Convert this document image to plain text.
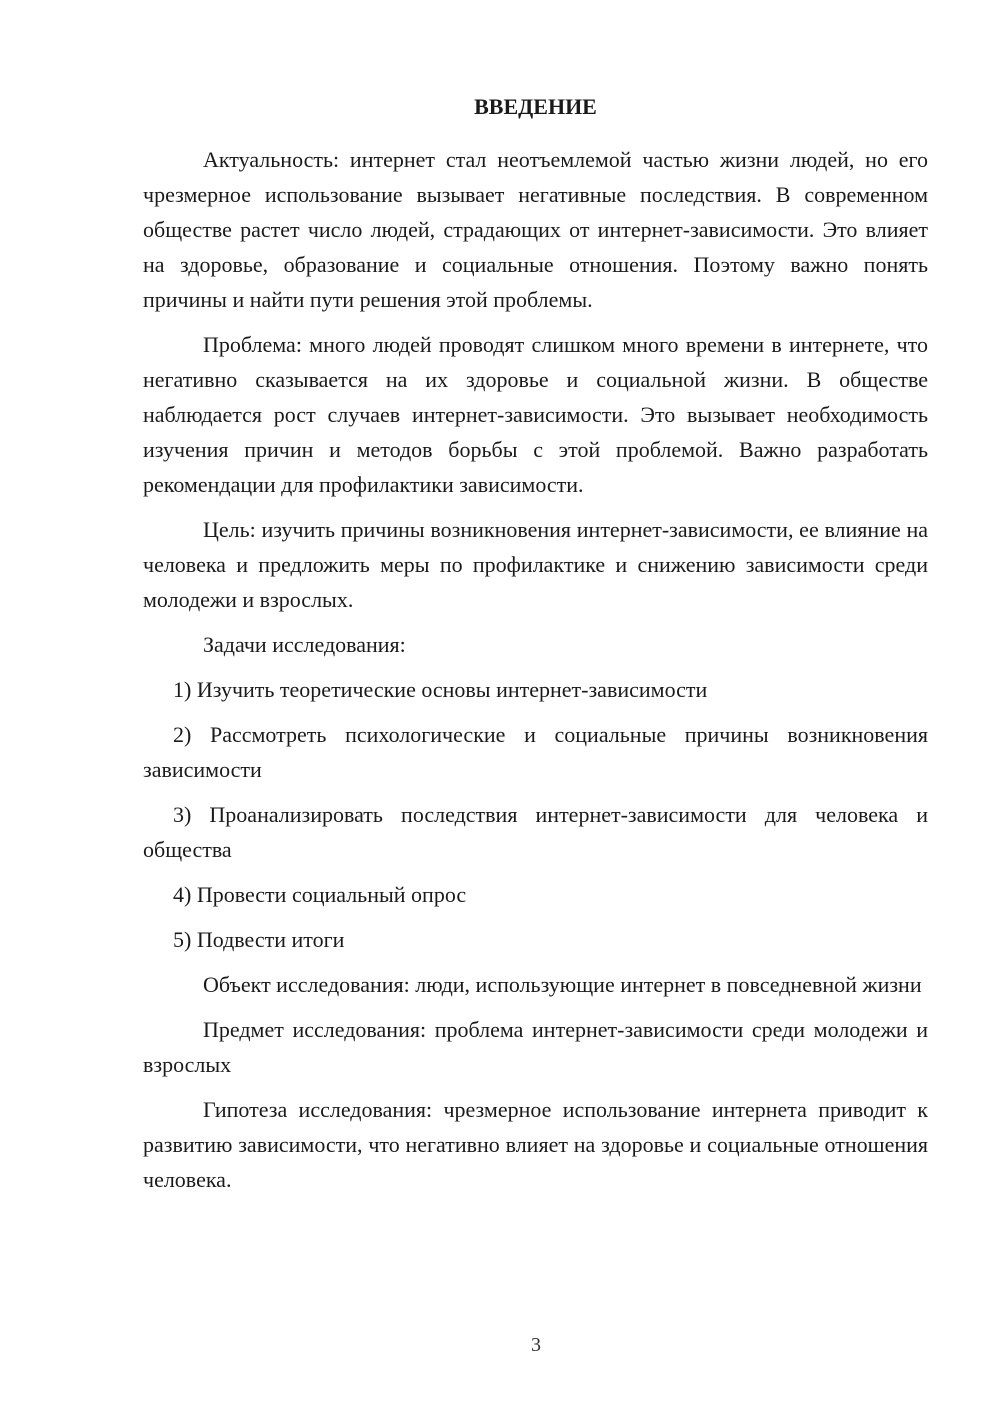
ВВЕДЕНИЕ

Актуальность: интернет стал неотъемлемой частью жизни людей, но его чрезмерное использование вызывает негативные последствия. В современном обществе растет число людей, страдающих от интернет-зависимости. Это влияет на здоровье, образование и социальные отношения. Поэтому важно понять причины и найти пути решения этой проблемы.

Проблема: много людей проводят слишком много времени в интернете, что негативно сказывается на их здоровье и социальной жизни. В обществе наблюдается рост случаев интернет-зависимости. Это вызывает необходимость изучения причин и методов борьбы с этой проблемой. Важно разработать рекомендации для профилактики зависимости.

Цель: изучить причины возникновения интернет-зависимости, ее влияние на человека и предложить меры по профилактике и снижению зависимости среди молодежи и взрослых.

Задачи исследования:

1) Изучить теоретические основы интернет-зависимости

2) Рассмотреть психологические и социальные причины возникновения зависимости

3) Проанализировать последствия интернет-зависимости для человека и общества

4) Провести социальный опрос

5) Подвести итоги

Объект исследования: люди, использующие интернет в повседневной жизни

Предмет исследования: проблема интернет-зависимости среди молодежи и взрослых

Гипотеза исследования: чрезмерное использование интернета приводит к развитию зависимости, что негативно влияет на здоровье и социальные отношения человека.

3
